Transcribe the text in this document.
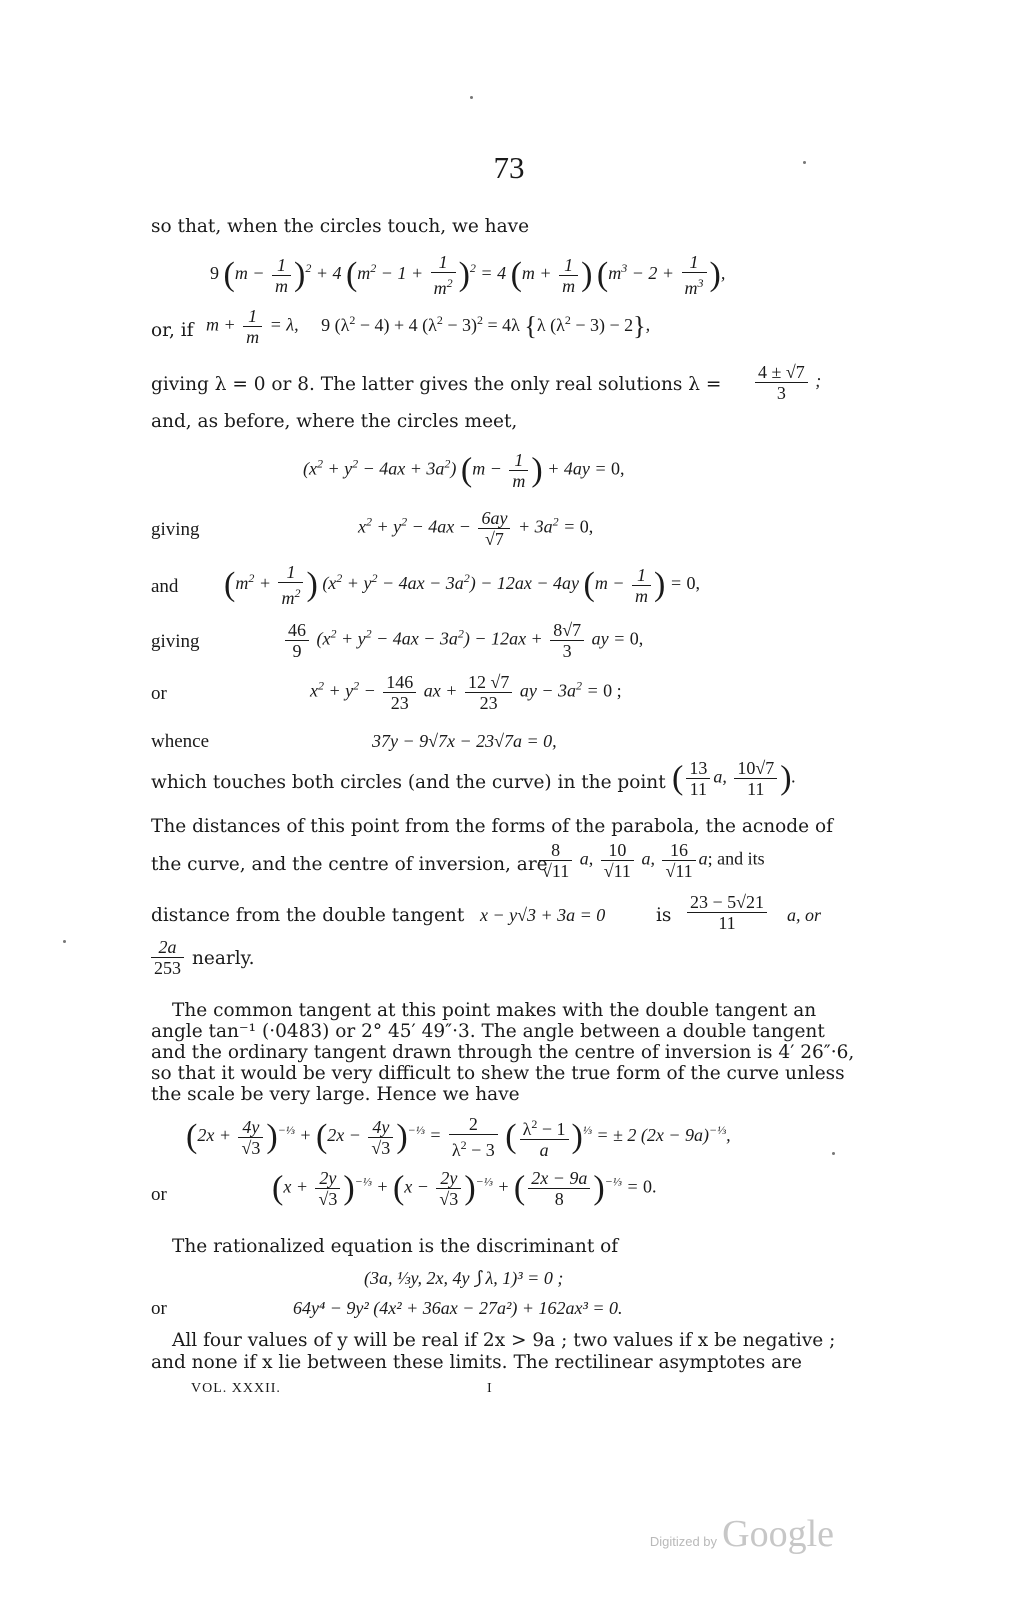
73
so that, when the circles touch, we have
9 $(m - \frac{1}{m} )^2 + 4$ $(m^2 - 1 + \frac{1}{m^2} )^2 = 4$ ($m + \frac{1}{m}$ ) ($m^3 - 2 + \frac{1}{m^3}$ ),
or, if $m + \frac{1}{m} = \lambda$,     9 $(\lambda^2 - 4) + 4$ $(\lambda^2 - 3)^2 = 4\lambda$ {λ $(\lambda^2 - 3) - 2$},
giving λ = 0 or 8. The latter gives the only real solutions $\lambda = \frac{4 \pm √7}{3}$ ;
and, as before, where the circles meet,
$(x^2 + y^2 - 4ax + 3a^2) (m - \frac{1}{m}$ ) + 4ay = 0,
giving	$x^2 + y^2 - 4ax - \frac{6ay}{√7} + 3a^2 = 0$,
and ($m^2 + \frac{1}{m^2}$ ) $(x^2 + y^2 - 4ax - 3a^2) - 12ax - 4ay$ ($m - \frac{1}{m}$ ) = 0,
giving	$\frac{46}{9} (x^2 + y^2 - 4ax - 3a^2) - 12ax + \frac{8√7}{3}$ ay = 0,
or	$x^2 + y^2 - \frac{146}{23}$ ax + $\frac{12 √7}{23}$ ay − $3a^2 = 0$ ;
whence	37y − 9√7x − 23√7a = 0,
which touches both circles (and the curve) in the point ( $\frac{13}{11} a$, $\frac{10√7}{11}$ ).
The distances of this point from the forms of the parabola, the acnode of
the curve, and the centre of inversion, are
$\frac{8}{√11} a$, $\frac{10}{√11} a$, $\frac{16}{√11} a$; and its
distance from the double tangent x − y√3 + 3a = 0	is $\frac{23 - 5√21}{11} a$, or
$\frac{2a}{253}$ nearly.
The common tangent at this point makes with the double tangent an
angle tan⁻¹ (·0483) or 2° 45′ 49″·3. The angle between a double tangent
and the ordinary tangent drawn through the centre of inversion is 4′ 26″·6,
so that it would be very difficult to shew the true form of the curve unless
the scale be very large. Hence we have
$(2x + \frac{4y}{√3} )^{-\frac{1}{3}} + (2x - \frac{4y}{√3} )^{-\frac{1}{3}} = \frac{2}{\lambda^2 - 3}$ ( $\frac{\lambda^2 - 1}{a} )^{\frac{1}{3}}$ = ± 2 $(2x - 9a)^{-\frac{1}{3}}$,
or	$(x + \frac{2y}{√3} )^{-\frac{1}{3}} + (x - \frac{2y}{√3} )^{-\frac{1}{3}}$ + ( $\frac{2x - 9a}{8} )^{-\frac{1}{3}} = 0$.
The rationalized equation is the discriminant of
(3a, ⅓y, 2x, 4y ⟆ λ, 1)³ = 0 ;
or	64y⁴ − 9y² (4x² + 36ax − 27a²) + 162ax³ = 0.
All four values of y will be real if 2x > 9a ; two values if x be negative ;
and none if x lie between these limits. The rectilinear asymptotes are
VOL. XXXII.	I
Digitized by Google
